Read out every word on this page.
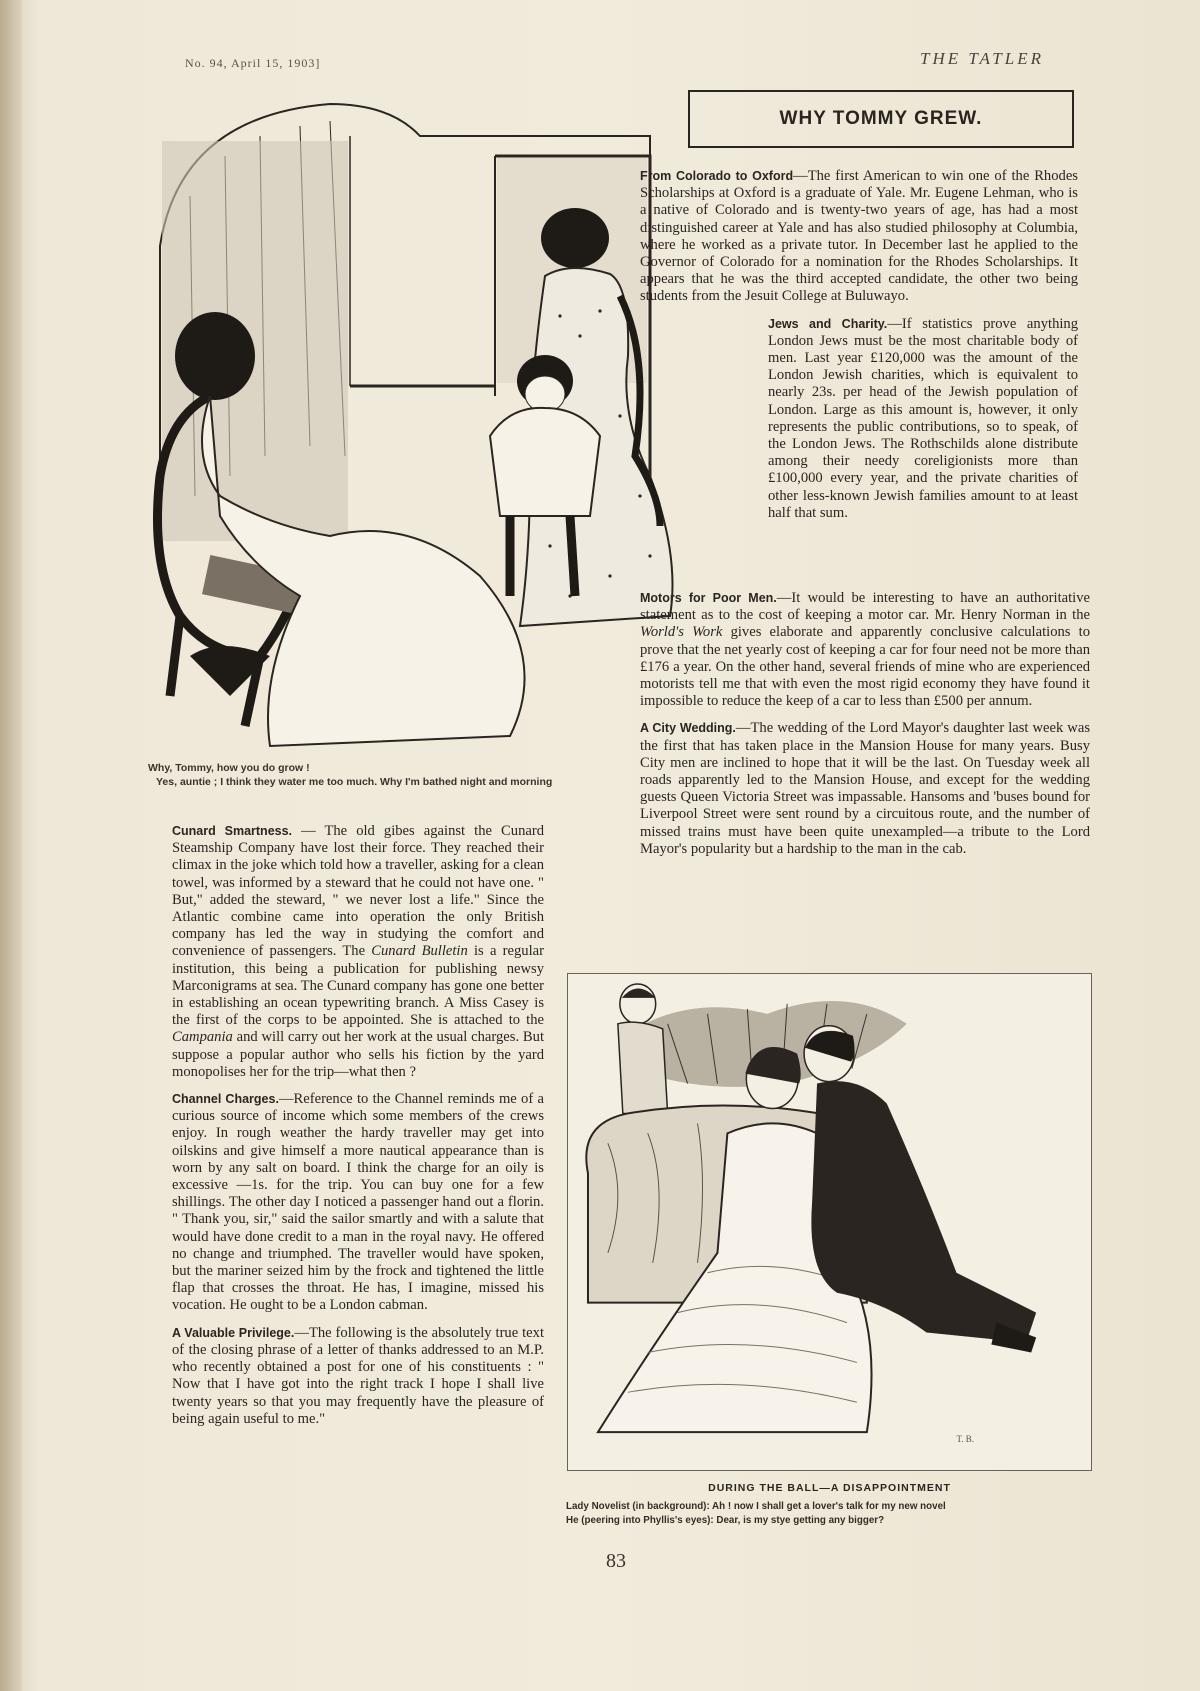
No. 94, April 15, 1903]	THE TATLER
WHY TOMMY GREW.
Why, Tommy, how you do grow !
Yes, auntie ; I think they water me too much. Why I'm bathed night and morning

From Colorado to Oxford—The first American to win one of the Rhodes Scholarships at Oxford is a graduate of Yale. Mr. Eugene Lehman, who is a native of Colorado and is twenty-two years of age, has had a most distinguished career at Yale and has also studied philosophy at Columbia, where he worked as a private tutor. In December last he applied to the Governor of Colorado for a nomination for the Rhodes Scholarships. It appears that he was the third accepted candidate, the other two being students from the Jesuit College at Buluwayo.

Jews and Charity.—If statistics prove anything London Jews must be the most charitable body of men. Last year £120,000 was the amount of the London Jewish charities, which is equivalent to nearly 23s. per head of the Jewish population of London. Large as this amount is, however, it only represents the public contributions, so to speak, of the London Jews. The Rothschilds alone distribute among their needy coreligionists more than £100,000 every year, and the private charities of other less-known Jewish families amount to at least half that sum.

Motors for Poor Men.—It would be interesting to have an authoritative statement as to the cost of keeping a motor car. Mr. Henry Norman in the World's Work gives elaborate and apparently conclusive calculations to prove that the net yearly cost of keeping a car for four need not be more than £176 a year. On the other hand, several friends of mine who are experienced motorists tell me that with even the most rigid economy they have found it impossible to reduce the keep of a car to less than £500 per annum.

A City Wedding.—The wedding of the Lord Mayor's daughter last week was the first that has taken place in the Mansion House for many years. Busy City men are inclined to hope that it will be the last. On Tuesday week all roads apparently led to the Mansion House, and except for the wedding guests Queen Victoria Street was impassable. Hansoms and 'buses bound for Liverpool Street were sent round by a circuitous route, and the number of missed trains must have been quite unexampled—a tribute to the Lord Mayor's popularity but a hardship to the man in the cab.

Cunard Smartness. — The old gibes against the Cunard Steamship Company have lost their force. They reached their climax in the joke which told how a traveller, asking for a clean towel, was informed by a steward that he could not have one. " But," added the steward, " we never lost a life." Since the Atlantic combine came into operation the only British company has led the way in studying the comfort and convenience of passengers. The Cunard Bulletin is a regular institution, this being a publication for publishing newsy Marconigrams at sea. The Cunard company has gone one better in establishing an ocean typewriting branch. A Miss Casey is the first of the corps to be appointed. She is attached to the Campania and will carry out her work at the usual charges. But suppose a popular author who sells his fiction by the yard monopolises her for the trip—what then ?

Channel Charges.—Reference to the Channel reminds me of a curious source of income which some members of the crews enjoy. In rough weather the hardy traveller may get into oilskins and give himself a more nautical appearance than is worn by any salt on board. I think the charge for an oily is excessive —1s. for the trip. You can buy one for a few shillings. The other day I noticed a passenger hand out a florin. " Thank you, sir," said the sailor smartly and with a salute that would have done credit to a man in the royal navy. He offered no change and triumphed. The traveller would have spoken, but the mariner seized him by the frock and tightened the little flap that crosses the throat. He has, I imagine, missed his vocation. He ought to be a London cabman.

A Valuable Privilege.—The following is the absolutely true text of the closing phrase of a letter of thanks addressed to an M.P. who recently obtained a post for one of his constituents : " Now that I have got into the right track I hope I shall live twenty years so that you may frequently have the pleasure of being again useful to me."

T. B.
DURING THE BALL—A DISAPPOINTMENT
Lady Novelist (in background): Ah ! now I shall get a lover's talk for my new novel
He (peering into Phyllis's eyes): Dear, is my stye getting any bigger?
83
